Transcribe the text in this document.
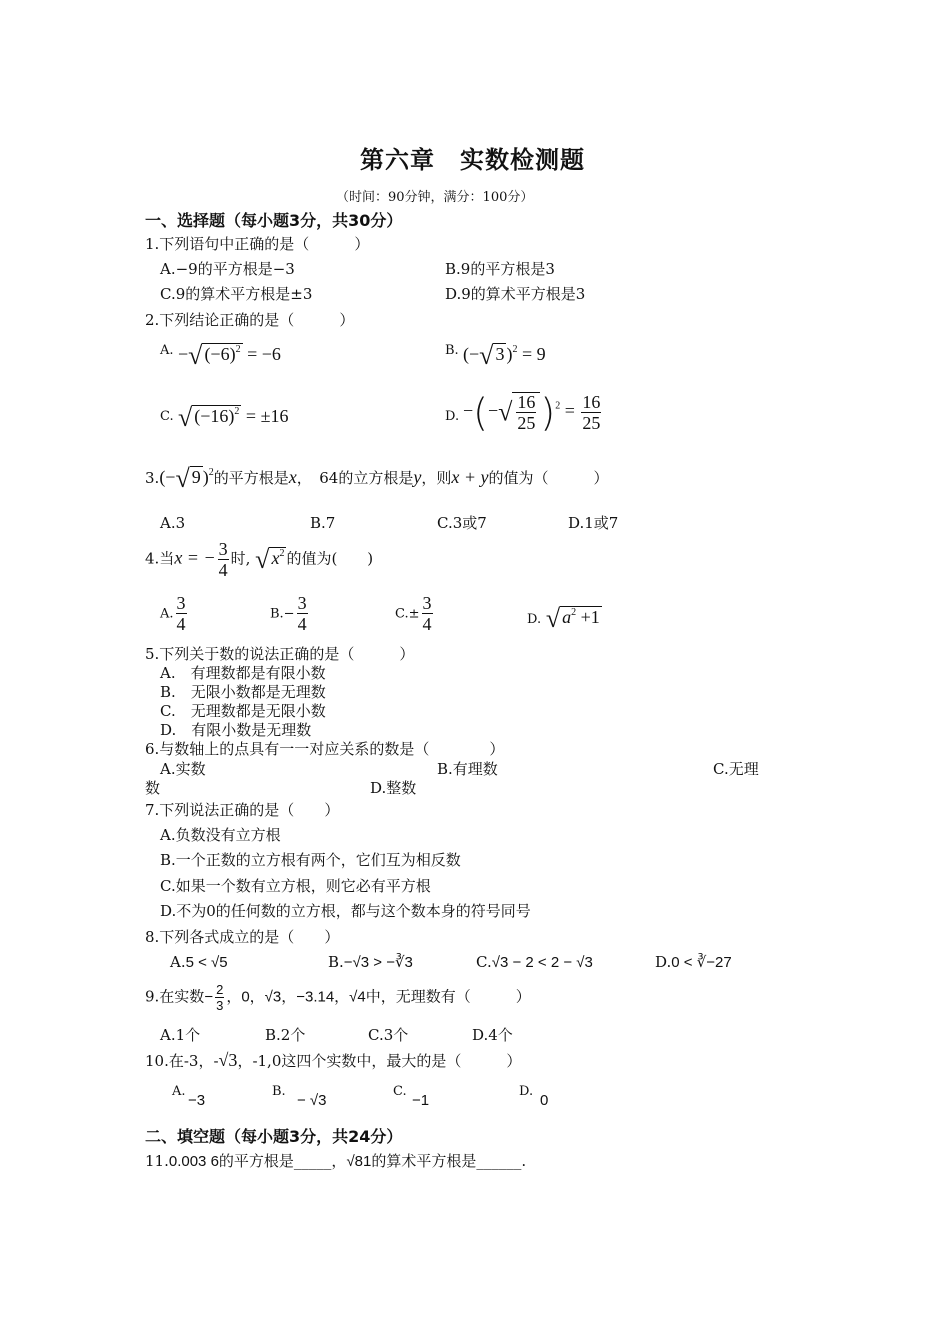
第六章　实数检测题
（时间：90分钟，满分：100分）
一、选择题（每小题3分，共30分）
1.下列语句中正确的是（　　　）
A.−9的平方根是−3	B.9的平方根是3
C.9的算术平方根是±3	D.9的算术平方根是3
2.下列结论正确的是（　　　）
A. −√ $(-6)^2 = -6$	B. (−√ 3 )$^2$ = 9
C. √ $(-16)^2 = \pm 16$	D. −(−√ $\frac{16}{25} )^2 = \frac{16}{25}$
3.(−√ 9 )$^2$的平方根是x，　64的立方根是y，则x + y的值为（　　　）
A.3	B.7	C.3或7	D.1或7
4.当x = − $\frac{3}{4}$ 时, √ $x^2$ 的值为(　　)
A. $\frac{3}{4}$	$B.- \frac{3}{4}$	$C.\pm \frac{3}{4}$	D. √ $a^2 +1$
5.下列关于数的说法正确的是（　　　）
A.　有理数都是有限小数
B.　无限小数都是无理数
C.　无理数都是无限小数
D.　有限小数是无理数
6.与数轴上的点具有一一对应关系的数是（　　　　）
A.实数	B.有理数	C.无理
数	D.整数
7.下列说法正确的是（　　）
A.负数没有立方根
B.一个正数的立方根有两个，它们互为相反数
C.如果一个数有立方根，则它必有平方根
D.不为0的任何数的立方根，都与这个数本身的符号同号
8.下列各式成立的是（　　）
A.5 < √5	B.−√3 > −∛3	C.√3 − 2 < 2 − √3	D.0 < ∛−27
9.在实数− $\frac{2}{3}$ ，0，√3，−3.14，√4中，无理数有（　　　）
A.1个	B.2个	C.3个	D.4个
10.在-3，-√3，-1,0这四个实数中，最大的是（　　　）
A.
−3
B.
− √3
C.
−1
D.
0
二、填空题（每小题3分，共24分）
11.0.003 6的平方根是_____，√81的算术平方根是______.
